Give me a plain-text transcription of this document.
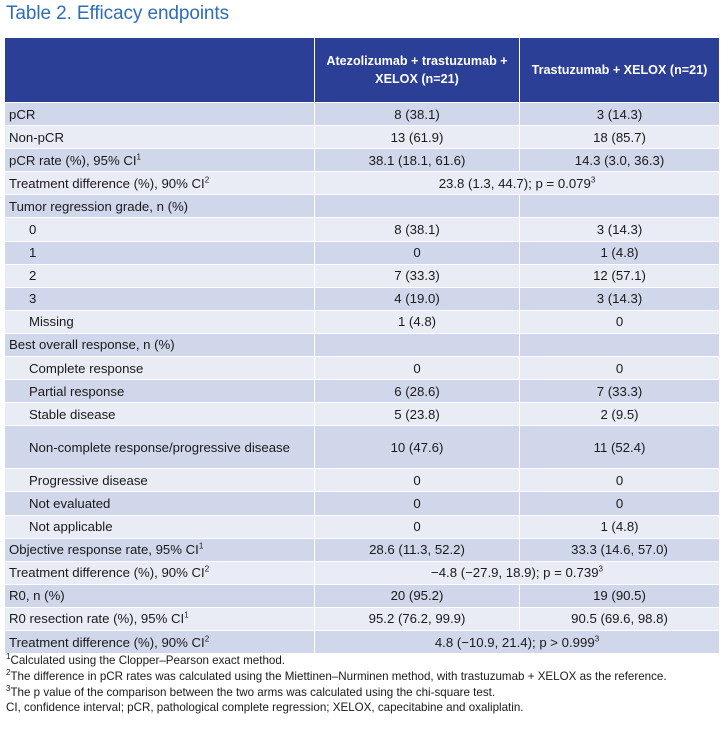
Table 2. Efficacy endpoints
	Atezolizumab + trastuzumab + XELOX (n=21)	Trastuzumab + XELOX (n=21)
pCR	8 (38.1)	3 (14.3)
Non-pCR	13 (61.9)	18 (85.7)
pCR rate (%), 95% $CI^1$	38.1 (18.1, 61.6)	14.3 (3.0, 36.3)
Treatment difference (%), 90% $CI^2$	23.8 (1.3, 44.7); $p = 0.079^3$
Tumor regression grade, n (%)		
0	8 (38.1)	3 (14.3)
1	0	1 (4.8)
2	7 (33.3)	12 (57.1)
3	4 (19.0)	3 (14.3)
Missing	1 (4.8)	0
Best overall response, n (%)		
Complete response	0	0
Partial response	6 (28.6)	7 (33.3)
Stable disease	5 (23.8)	2 (9.5)
Non-complete response/progressive disease	10 (47.6)	11 (52.4)
Progressive disease	0	0
Not evaluated	0	0
Not applicable	0	1 (4.8)
Objective response rate, 95% $CI^1$	28.6 (11.3, 52.2)	33.3 (14.6, 57.0)
Treatment difference (%), 90% $CI^2$	−4.8 (−27.9, 18.9); $p = 0.739^3$
R0, n (%)	20 (95.2)	19 (90.5)
R0 resection rate (%), 95% $CI^1$	95.2 (76.2, 99.9)	90.5 (69.6, 98.8)
Treatment difference (%), 90% $CI^2$	4.8 (−10.9, 21.4); $p > 0.999^3$
$^1$Calculated using the Clopper–Pearson exact method.
$^2$The difference in pCR rates was calculated using the Miettinen–Nurminen method, with trastuzumab + XELOX as the reference.
$^3$The p value of the comparison between the two arms was calculated using the chi-square test.
CI, confidence interval; pCR, pathological complete regression; XELOX, capecitabine and oxaliplatin.
